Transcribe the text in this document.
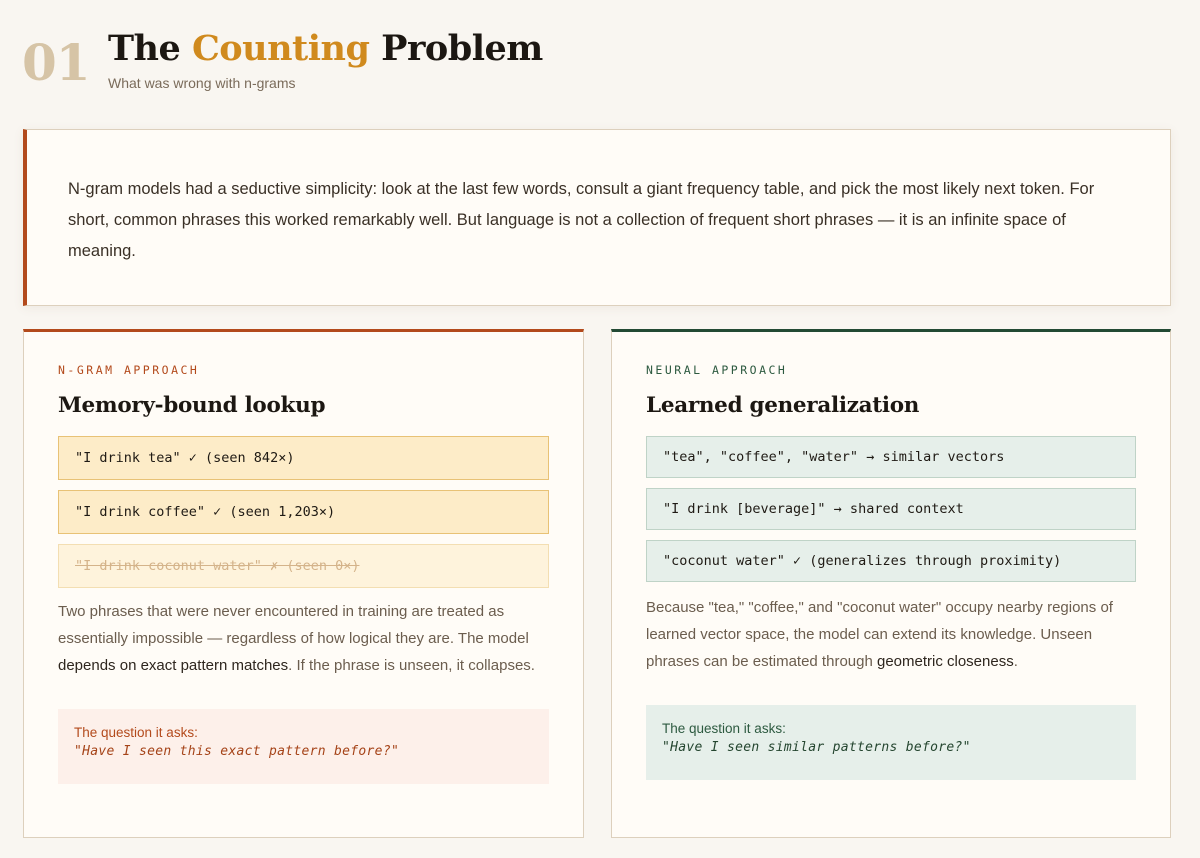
01 The Counting Problem
What was wrong with n-grams

N-gram models had a seductive simplicity: look at the last few words, consult a giant frequency table, and pick the most likely next token. For short, common phrases this worked remarkably well. But language is not a collection of frequent short phrases — it is an infinite space of meaning.

N-GRAM APPROACH
Memory-bound lookup
"I drink tea" ✓ (seen 842×)
"I drink coffee" ✓ (seen 1,203×)
"I drink coconut water" ✗ (seen 0×)

Two phrases that were never encountered in training are treated as essentially impossible — regardless of how logical they are. The model depends on exact pattern matches. If the phrase is unseen, it collapses.

The question it asks:
"Have I seen this exact pattern before?"
NEURAL APPROACH
Learned generalization
"tea", "coffee", "water" → similar vectors
"I drink [beverage]" → shared context
"coconut water" ✓ (generalizes through proximity)

Because "tea," "coffee," and "coconut water" occupy nearby regions of learned vector space, the model can extend its knowledge. Unseen phrases can be estimated through geometric closeness.

The question it asks:
"Have I seen similar patterns before?"
